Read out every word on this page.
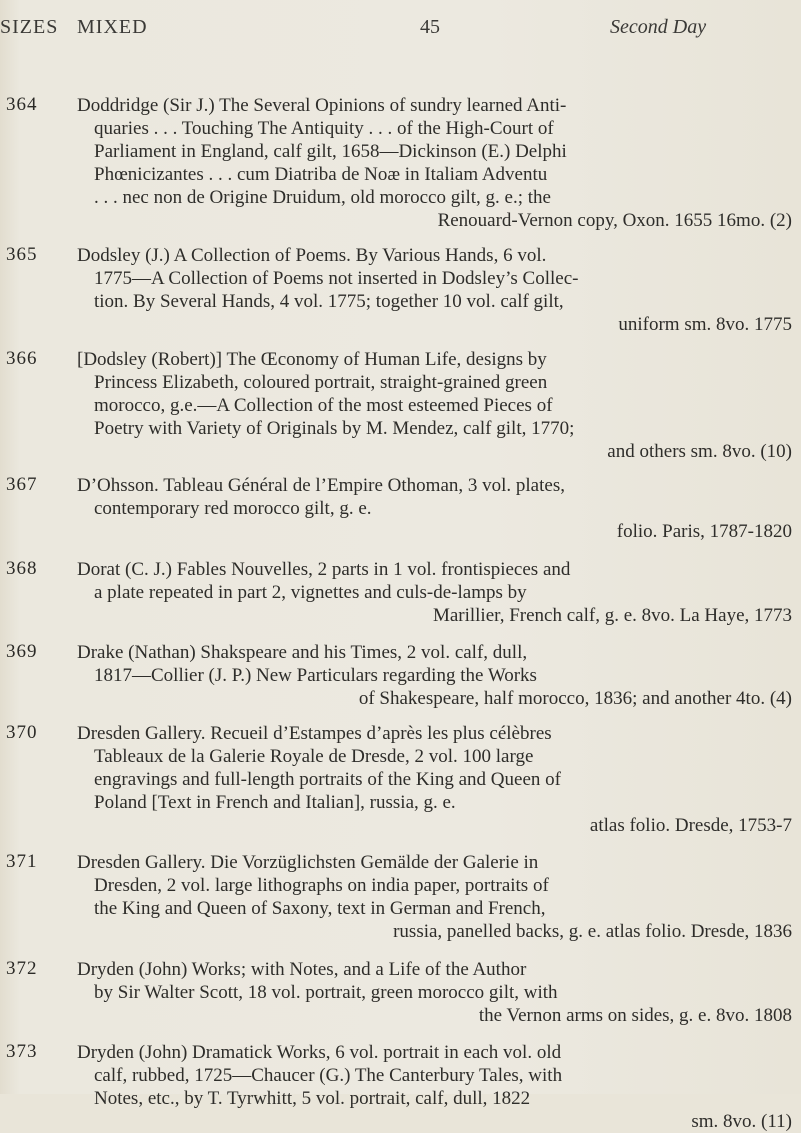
SIZES MIXED	45	Second Day
364 Doddridge (Sir J.) The Several Opinions of sundry learned Anti-
quaries . . . Touching The Antiquity . . . of the High-Court of
Parliament in England, calf gilt, 1658—Dickinson (E.) Delphi
Phœnicizantes . . . cum Diatriba de Noæ in Italiam Adventu
. . . nec non de Origine Druidum, old morocco gilt, g. e.; the
Renouard-Vernon copy, Oxon. 1655 16mo. (2)
365 Dodsley (J.) A Collection of Poems. By Various Hands, 6 vol.
1775—A Collection of Poems not inserted in Dodsley’s Collec-
tion. By Several Hands, 4 vol. 1775; together 10 vol. calf gilt,
uniform sm. 8vo. 1775
366 [Dodsley (Robert)] The Œconomy of Human Life, designs by
Princess Elizabeth, coloured portrait, straight-grained green
morocco, g.e.—A Collection of the most esteemed Pieces of
Poetry with Variety of Originals by M. Mendez, calf gilt, 1770;
and others sm. 8vo. (10)
367 D’Ohsson. Tableau Général de l’Empire Othoman, 3 vol. plates,
contemporary red morocco gilt, g. e.
folio. Paris, 1787-1820
368 Dorat (C. J.) Fables Nouvelles, 2 parts in 1 vol. frontispieces and
a plate repeated in part 2, vignettes and culs-de-lamps by
Marillier, French calf, g. e. 8vo. La Haye, 1773
369 Drake (Nathan) Shakspeare and his Times, 2 vol. calf, dull,
1817—Collier (J. P.) New Particulars regarding the Works
of Shakespeare, half morocco, 1836; and another 4to. (4)
370 Dresden Gallery. Recueil d’Estampes d’après les plus célèbres
Tableaux de la Galerie Royale de Dresde, 2 vol. 100 large
engravings and full-length portraits of the King and Queen of
Poland [Text in French and Italian], russia, g. e.
atlas folio. Dresde, 1753-7
371 Dresden Gallery. Die Vorzüglichsten Gemälde der Galerie in
Dresden, 2 vol. large lithographs on india paper, portraits of
the King and Queen of Saxony, text in German and French,
russia, panelled backs, g. e. atlas folio. Dresde, 1836
372 Dryden (John) Works; with Notes, and a Life of the Author
by Sir Walter Scott, 18 vol. portrait, green morocco gilt, with
the Vernon arms on sides, g. e. 8vo. 1808
373 Dryden (John) Dramatick Works, 6 vol. portrait in each vol. old
calf, rubbed, 1725—Chaucer (G.) The Canterbury Tales, with
Notes, etc., by T. Tyrwhitt, 5 vol. portrait, calf, dull, 1822
sm. 8vo. (11)
